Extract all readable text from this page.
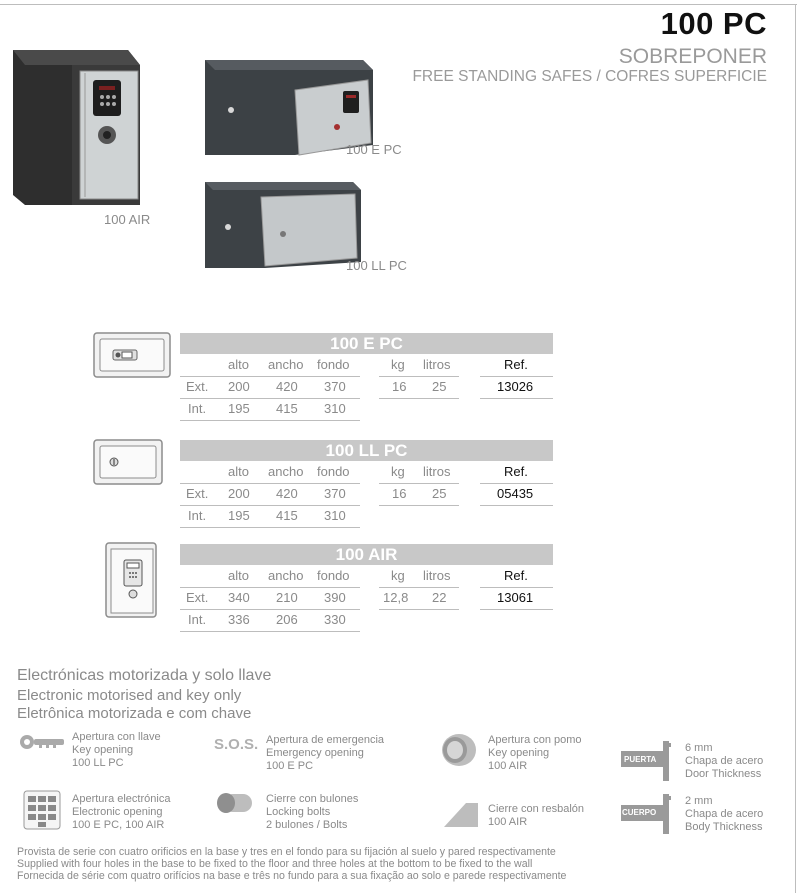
100 PC
SOBREPONER
FREE STANDING SAFES / COFRES SUPERFICIE
100 AIR
100 E PC
100 LL PC
100 E PC
alto ancho fondo	kg litros	Ref.
Ext. 200 420 370	16 25	13026
Int. 195 415 310
100 LL PC
alto ancho fondo	kg litros	Ref.
Ext. 200 420 370	16 25	05435
Int. 195 415 310
100 AIR
alto ancho fondo	kg litros	Ref.
Ext. 340 210 390	12,8 22	13061
Int. 336 206 330
Electrónicas motorizada y solo llave
Electronic motorised and key only
Eletrônica motorizada e com chave
Apertura con llave
Key opening
100 LL PC
S.O.S. Apertura de emergencia
Emergency opening
100 E PC
Apertura con pomo
Key opening
100 AIR
PUERTA
6 mm
Chapa de acero
Door Thickness
Apertura electrónica
Electronic opening
100 E PC, 100 AIR
Cierre con bulones
Locking bolts
2 bulones / Bolts
Cierre con resbalón
100 AIR
CUERPO
2 mm
Chapa de acero
Body Thickness
Provista de serie con cuatro orificios en la base y tres en el fondo para su fijación al suelo y pared respectivamente
Supplied with four holes in the base to be fixed to the floor and three holes at the bottom to be fixed to the wall
Fornecida de série com quatro orifícios na base e três no fundo para a sua fixação ao solo e parede respectivamente
